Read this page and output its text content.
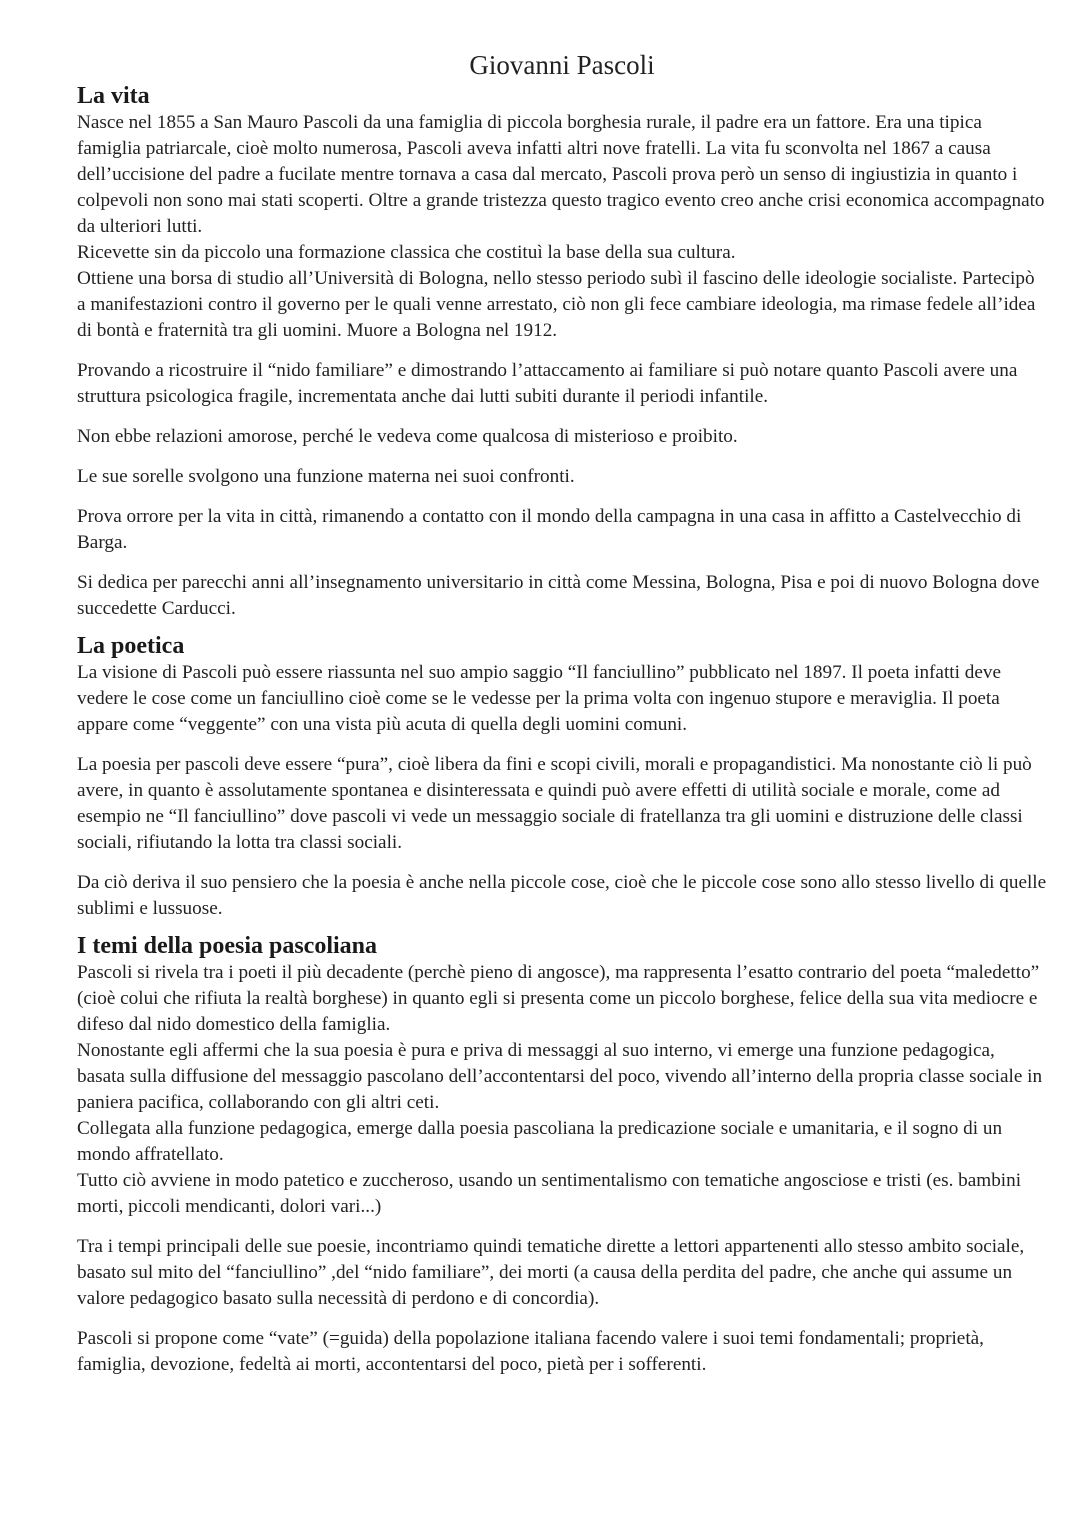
Giovanni Pascoli
La vita

Nasce nel 1855 a San Mauro Pascoli da una famiglia di piccola borghesia rurale, il padre era un fattore. Era una tipica famiglia patriarcale, cioè molto numerosa, Pascoli aveva infatti altri nove fratelli. La vita fu sconvolta nel 1867 a causa dell’uccisione del padre a fucilate mentre tornava a casa dal mercato, Pascoli prova però un senso di ingiustizia in quanto i colpevoli non sono mai stati scoperti. Oltre a grande tristezza questo tragico evento creo anche crisi economica accompagnato da ulteriori lutti.

Ricevette sin da piccolo una formazione classica che costituì la base della sua cultura.

Ottiene una borsa di studio all’Università di Bologna, nello stesso periodo subì il fascino delle ideologie socialiste. Partecipò a manifestazioni contro il governo per le quali venne arrestato, ciò non gli fece cambiare ideologia, ma rimase fedele all’idea di bontà e fraternità tra gli uomini. Muore a Bologna nel 1912.

Provando a ricostruire il “nido familiare” e dimostrando l’attaccamento ai familiare si può notare quanto Pascoli avere una struttura psicologica fragile, incrementata anche dai lutti subiti durante il periodi infantile.

Non ebbe relazioni amorose, perché le vedeva come qualcosa di misterioso e proibito.

Le sue sorelle svolgono una funzione materna nei suoi confronti.

Prova orrore per la vita in città, rimanendo a contatto con il mondo della campagna in una casa in affitto a Castelvecchio di Barga.

Si dedica per parecchi anni all’insegnamento universitario in città come Messina, Bologna, Pisa e poi di nuovo Bologna dove succedette Carducci.

La poetica

La visione di Pascoli può essere riassunta nel suo ampio saggio “Il fanciullino” pubblicato nel 1897. Il poeta infatti deve vedere le cose come un fanciullino cioè come se le vedesse per la prima volta con ingenuo stupore e meraviglia. Il poeta appare come “veggente” con una vista più acuta di quella degli uomini comuni.

La poesia per pascoli deve essere “pura”, cioè libera da fini e scopi civili, morali e propagandistici. Ma nonostante ciò li può avere, in quanto è assolutamente spontanea e disinteressata e quindi può avere effetti di utilità sociale e morale, come ad esempio ne “Il fanciullino” dove pascoli vi vede un messaggio sociale di fratellanza tra gli uomini e distruzione delle classi sociali, rifiutando la lotta tra classi sociali.

Da ciò deriva il suo pensiero che la poesia è anche nella piccole cose, cioè che le piccole cose sono allo stesso livello di quelle sublimi e lussuose.

I temi della poesia pascoliana

Pascoli si rivela tra i poeti il più decadente (perchè pieno di angosce), ma rappresenta l’esatto contrario del poeta “maledetto” (cioè colui che rifiuta la realtà borghese) in quanto egli si presenta come un piccolo borghese, felice della sua vita mediocre e difeso dal nido domestico della famiglia.

Nonostante egli affermi che la sua poesia è pura e priva di messaggi al suo interno, vi emerge una funzione pedagogica, basata sulla diffusione del messaggio pascolano dell’accontentarsi del poco, vivendo all’interno della propria classe sociale in paniera pacifica, collaborando con gli altri ceti.

Collegata alla funzione pedagogica, emerge dalla poesia pascoliana la predicazione sociale e umanitaria, e il sogno di un mondo affratellato.

Tutto ciò avviene in modo patetico e zuccheroso, usando un sentimentalismo con tematiche angosciose e tristi (es. bambini morti, piccoli mendicanti, dolori vari...)

Tra i tempi principali delle sue poesie, incontriamo quindi tematiche dirette a lettori appartenenti allo stesso ambito sociale, basato sul mito del “fanciullino” ,del “nido familiare”, dei morti (a causa della perdita del padre, che anche qui assume un valore pedagogico basato sulla necessità di perdono e di concordia).

Pascoli si propone come “vate” (=guida) della popolazione italiana facendo valere i suoi temi fondamentali; proprietà, famiglia, devozione, fedeltà ai morti, accontentarsi del poco, pietà per i sofferenti.
